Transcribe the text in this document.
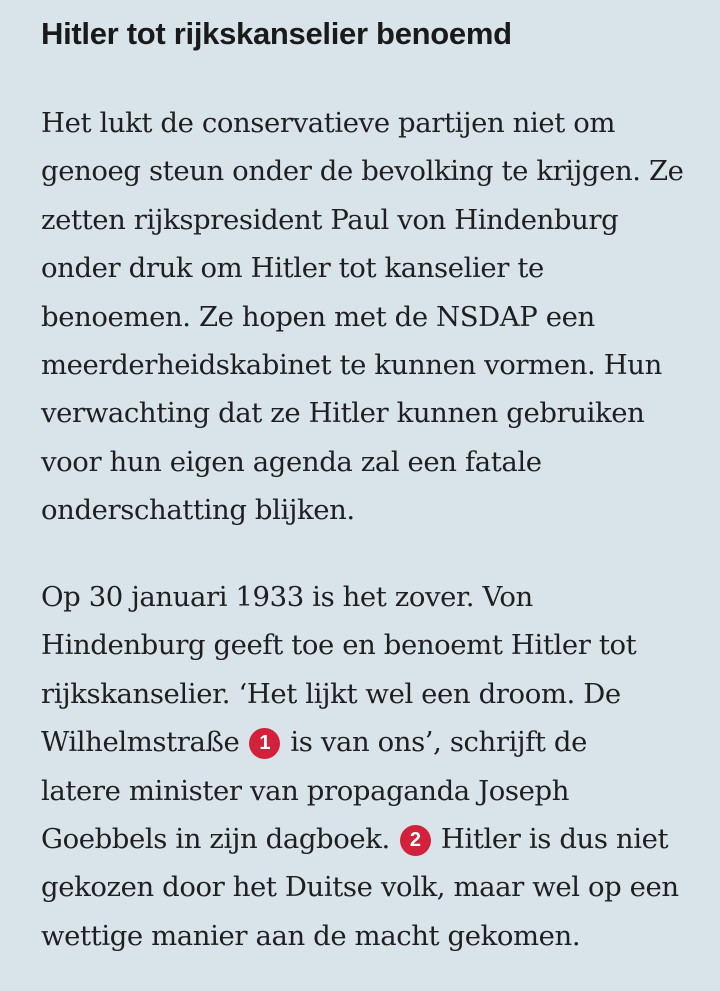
Hitler tot rijkskanselier benoemd

Het lukt de conservatieve partijen niet om
genoeg steun onder de bevolking te krijgen. Ze
zetten rijkspresident Paul von Hindenburg
onder druk om Hitler tot kanselier te
benoemen. Ze hopen met de NSDAP een
meerderheidskabinet te kunnen vormen. Hun
verwachting dat ze Hitler kunnen gebruiken
voor hun eigen agenda zal een fatale
onderschatting blijken.

Op 30 januari 1933 is het zover. Von
Hindenburg geeft toe en benoemt Hitler tot
rijkskanselier. ‘Het lijkt wel een droom. De
Wilhelmstraße 1 is van ons’, schrijft de
latere minister van propaganda Joseph
Goebbels in zijn dagboek. 2 Hitler is dus niet
gekozen door het Duitse volk, maar wel op een
wettige manier aan de macht gekomen.
